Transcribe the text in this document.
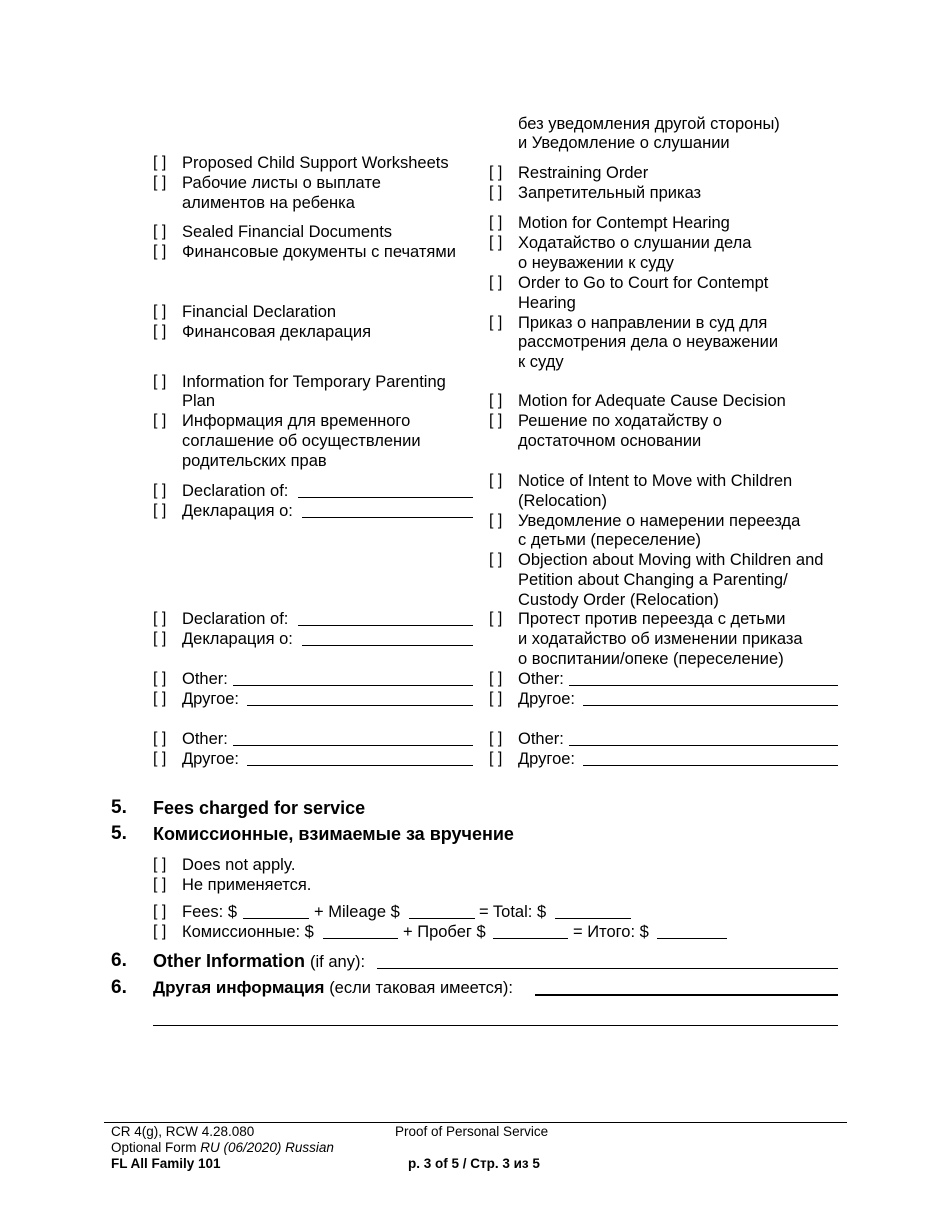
[ ] Proposed Child Support Worksheets
[ ] Рабочие листы о выплате
алиментов на ребенка
[ ] Sealed Financial Documents
[ ] Финансовые документы с печатями
[ ] Financial Declaration
[ ] Финансовая декларация
[ ] Information for Temporary Parenting
Plan
[ ] Информация для временного
соглашение об осуществлении
родительских прав
[ ] Declaration of:
[ ] Декларация о:
[ ] Declaration of:
[ ] Декларация о:
[ ] Other:
[ ] Другое:
[ ] Other:
[ ] Другое:
без уведомления другой стороны)
и Уведомление о слушании
[ ] Restraining Order
[ ] Запретительный приказ
[ ] Motion for Contempt Hearing
[ ] Ходатайство о слушании дела
о неуважении к суду
[ ] Order to Go to Court for Contempt
Hearing
[ ] Приказ о направлении в суд для
рассмотрения дела о неуважении
к суду
[ ] Motion for Adequate Cause Decision
[ ] Решение по ходатайству о
достаточном основании
[ ] Notice of Intent to Move with Children
(Relocation)
[ ] Уведомление о намерении переезда
с детьми (переселение)
[ ] Objection about Moving with Children and
Petition about Changing a Parenting/
Custody Order (Relocation)
[ ] Протест против переезда с детьми
и ходатайство об изменении приказа
о воспитании/опеке (переселение)
[ ] Other:
[ ] Другое:
[ ] Other:
[ ] Другое:
5. Fees charged for service
5. Комиссионные, взимаемые за вручение
[ ] Does not apply.
[ ] Не применяется.
[ ] Fees: $	+ Mileage $	= Total: $
[ ] Комиссионные: $	+ Пробег $	= Итого: $
6. Other Information (if any):
6. Другая информация (если таковая имеется):
CR 4(g), RCW 4.28.080
Optional Form RU (06/2020) Russian
FL All Family 101
Proof of Personal Service
p. 3 of 5 / Стр. 3 из 5
